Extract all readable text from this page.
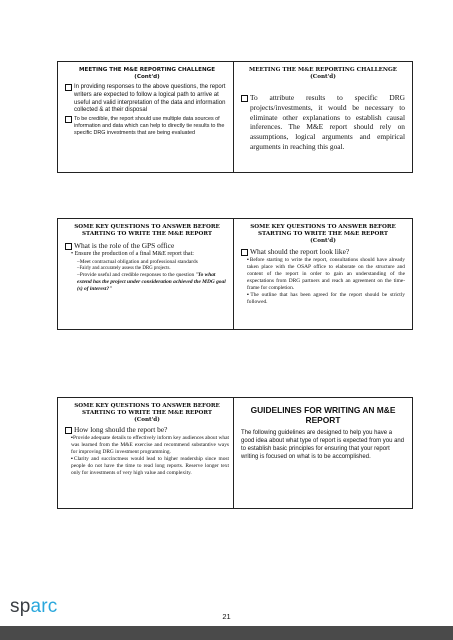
MEETING THE M&E REPORTING CHALLENGE
(Cont'd)
In providing responses to the above questions, the report writers are expected to follow a logical path to arrive at useful and valid interpretation of the data and information collected & at their disposal
To be credible, the report should use multiple data sources of information and data which can help to directly tie results to the specific DRG investments that are being evaluated
MEETING THE M&E REPORTING CHALLENGE (Cont'd)
To attribute results to specific DRG projects/investments, it would be necessary to eliminate other explanations to establish causal inferences. The M&E report should rely on assumptions, logical arguments and empirical arguments in reaching this goal.
SOME KEY QUESTIONS TO ANSWER BEFORE STARTING TO WRITE THE M&E REPORT
What is the role of the GPS office
• Ensure the production of a final M&E report that:
–Meet contractual obligation and professional standards
–Fairly and accurately assess the DRG projects.
–Provide useful and credible responses to the question "To what extend has the project under consideration achieved the MDG goal (s) of interest?"
SOME KEY QUESTIONS TO ANSWER BEFORE STARTING TO WRITE THE M&E REPORT
(Cont'd)
What should the report look like?
▪Before starting to write the report, consultations should have already taken place with the OSAP office to elaborate on the structure and content of the report in order to gain an understanding of the expectations from DRG partners and reach an agreement on the time-frame for completion.
▪The outline that has been agreed for the report should be strictly followed.
SOME KEY QUESTIONS TO ANSWER BEFORE STARTING TO WRITE THE M&E REPORT
(Cont'd)
How long should the report be?
▪Provide adequate details to effectively inform key audiences about what was learned from the M&E exercise and recommend substantive ways for improving DRG investment programming.
▪Clarity and succinctness would lead to higher readership since most people do not have the time to read long reports. Reserve longer text only for investments of very high value and complexity.
GUIDELINES FOR WRITING AN M&E REPORT
The following guidelines are designed to help you have a good idea about what type of report is expected from you and to establish basic principles for ensuring that your report writing is focused on what is to be accomplished.
sparc	21
